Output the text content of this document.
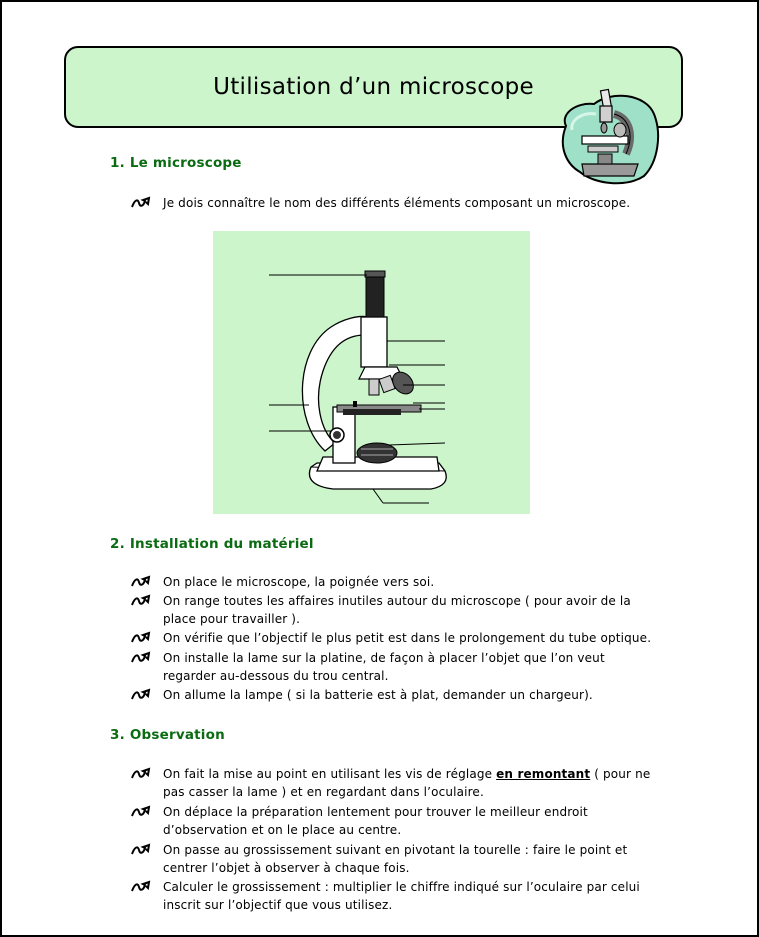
Utilisation d’un microscope
1. Le microscope
Je dois connaître le nom des différents éléments composant un microscope.
2. Installation du matériel
On place le microscope, la poignée vers soi.
On range toutes les affaires inutiles autour du microscope ( pour avoir de la
place pour travailler ).
On vérifie que l’objectif le plus petit est dans le prolongement du tube optique.
On installe la lame sur la platine, de façon à placer l’objet que l’on veut
regarder au-dessous du trou central.
On allume la lampe ( si la batterie est à plat, demander un chargeur).
3. Observation
On fait la mise au point en utilisant les vis de réglage en remontant ( pour ne
pas casser la lame ) et en regardant dans l’oculaire.
On déplace la préparation lentement pour trouver le meilleur endroit
d’observation et on le place au centre.
On passe au grossissement suivant en pivotant la tourelle : faire le point et
centrer l’objet à observer à chaque fois.
Calculer le grossissement : multiplier le chiffre indiqué sur l’oculaire par celui
inscrit sur l’objectif que vous utilisez.
